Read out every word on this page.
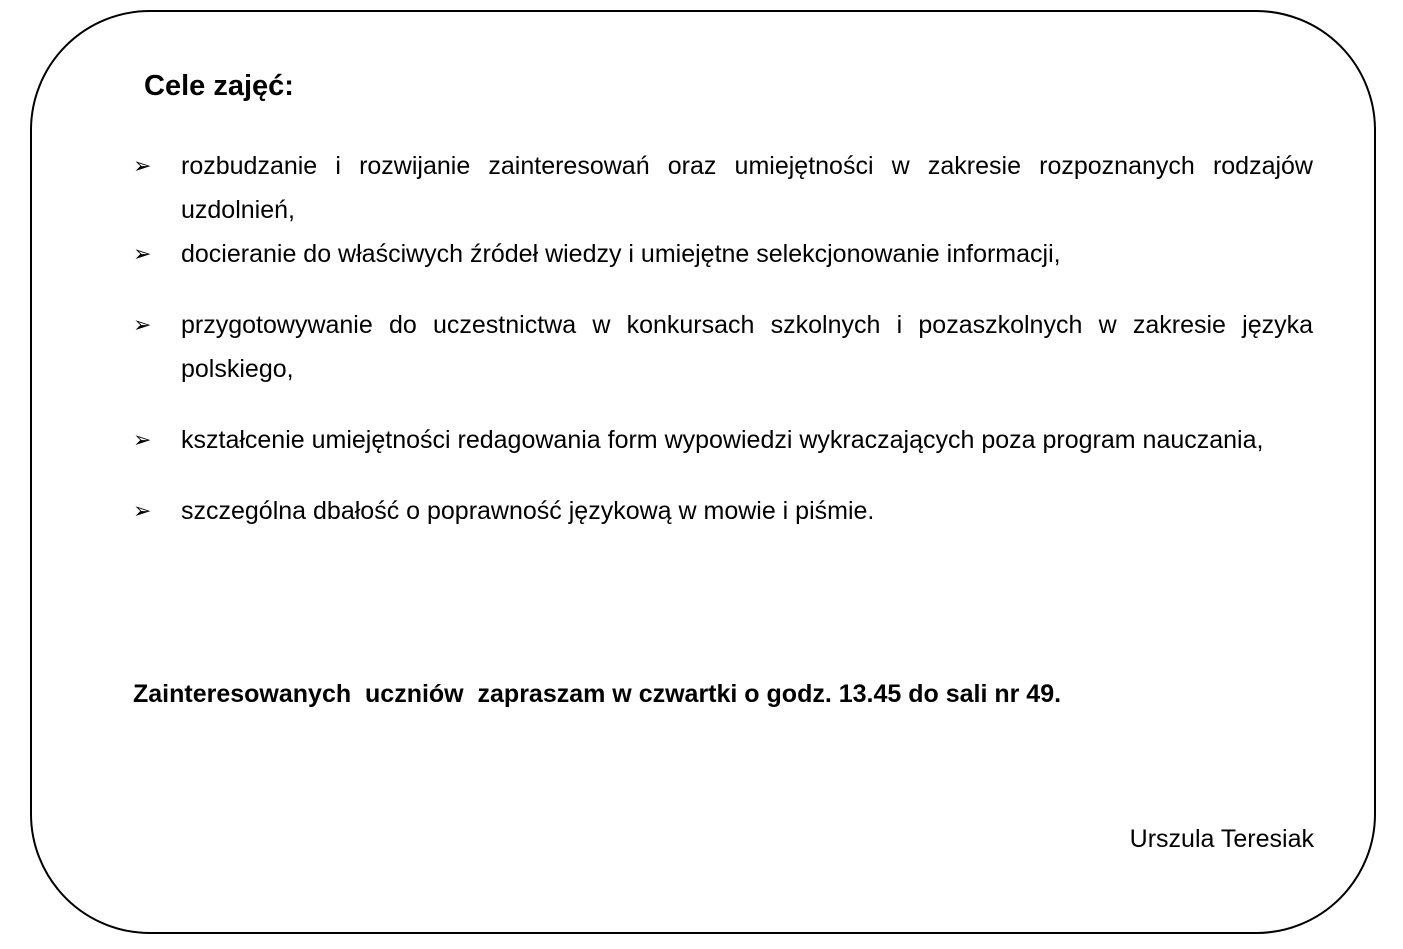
Cele zajęć:
➢ rozbudzanie i rozwijanie zainteresowań oraz umiejętności w zakresie rozpoznanych rodzajów uzdolnień,
➢ docieranie do właściwych źródeł wiedzy i umiejętne selekcjonowanie informacji,
➢ przygotowywanie do uczestnictwa w konkursach szkolnych i pozaszkolnych w zakresie języka polskiego,
➢ kształcenie umiejętności redagowania form wypowiedzi wykraczających poza program nauczania,
➢ szczególna dbałość o poprawność językową w mowie i piśmie.

Zainteresowanych  uczniów  zapraszam w czwartki o godz. 13.45 do sali nr 49.

Urszula Teresiak
